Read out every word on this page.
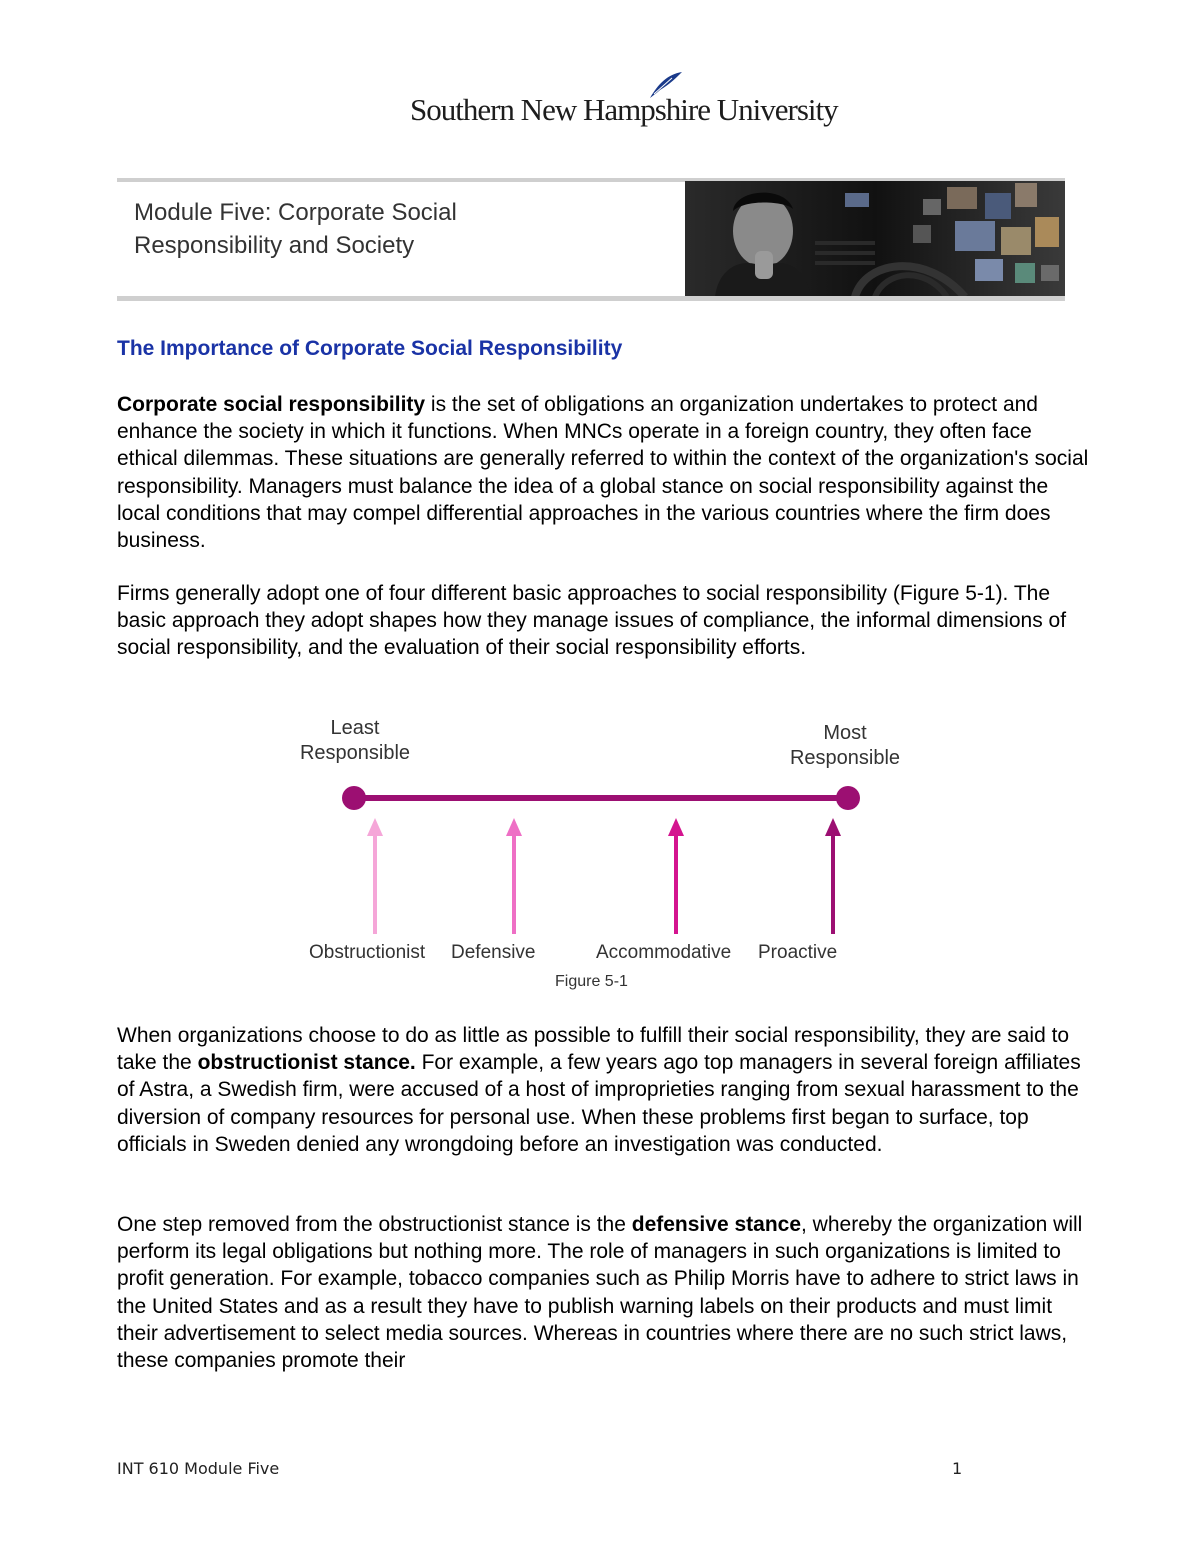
Southern New Hampshire University
Module Five: Corporate Social
Responsibility and Society
The Importance of Corporate Social Responsibility
Corporate social responsibility is the set of obligations an organization undertakes to protect and enhance the society in which it functions. When MNCs operate in a foreign country, they often face ethical dilemmas. These situations are generally referred to within the context of the organization's social responsibility. Managers must balance the idea of a global stance on social responsibility against the local conditions that may compel differential approaches in the various countries where the firm does business.
Firms generally adopt one of four different basic approaches to social responsibility (Figure 5-1). The basic approach they adopt shapes how they manage issues of compliance, the informal dimensions of social responsibility, and the evaluation of their social responsibility efforts.
Least
Responsible
Most
Responsible
Obstructionist Defensive	Accommodative Proactive
Figure 5-1
When organizations choose to do as little as possible to fulfill their social responsibility, they are said to take the obstructionist stance. For example, a few years ago top managers in several foreign affiliates of Astra, a Swedish firm, were accused of a host of improprieties ranging from sexual harassment to the diversion of company resources for personal use. When these problems first began to surface, top officials in Sweden denied any wrongdoing before an investigation was conducted.
One step removed from the obstructionist stance is the defensive stance, whereby the organization will perform its legal obligations but nothing more. The role of managers in such organizations is limited to profit generation. For example, tobacco companies such as Philip Morris have to adhere to strict laws in the United States and as a result they have to publish warning labels on their products and must limit their advertisement to select media sources. Whereas in countries where there are no such strict laws, these companies promote their
INT 610 Module Five	1
